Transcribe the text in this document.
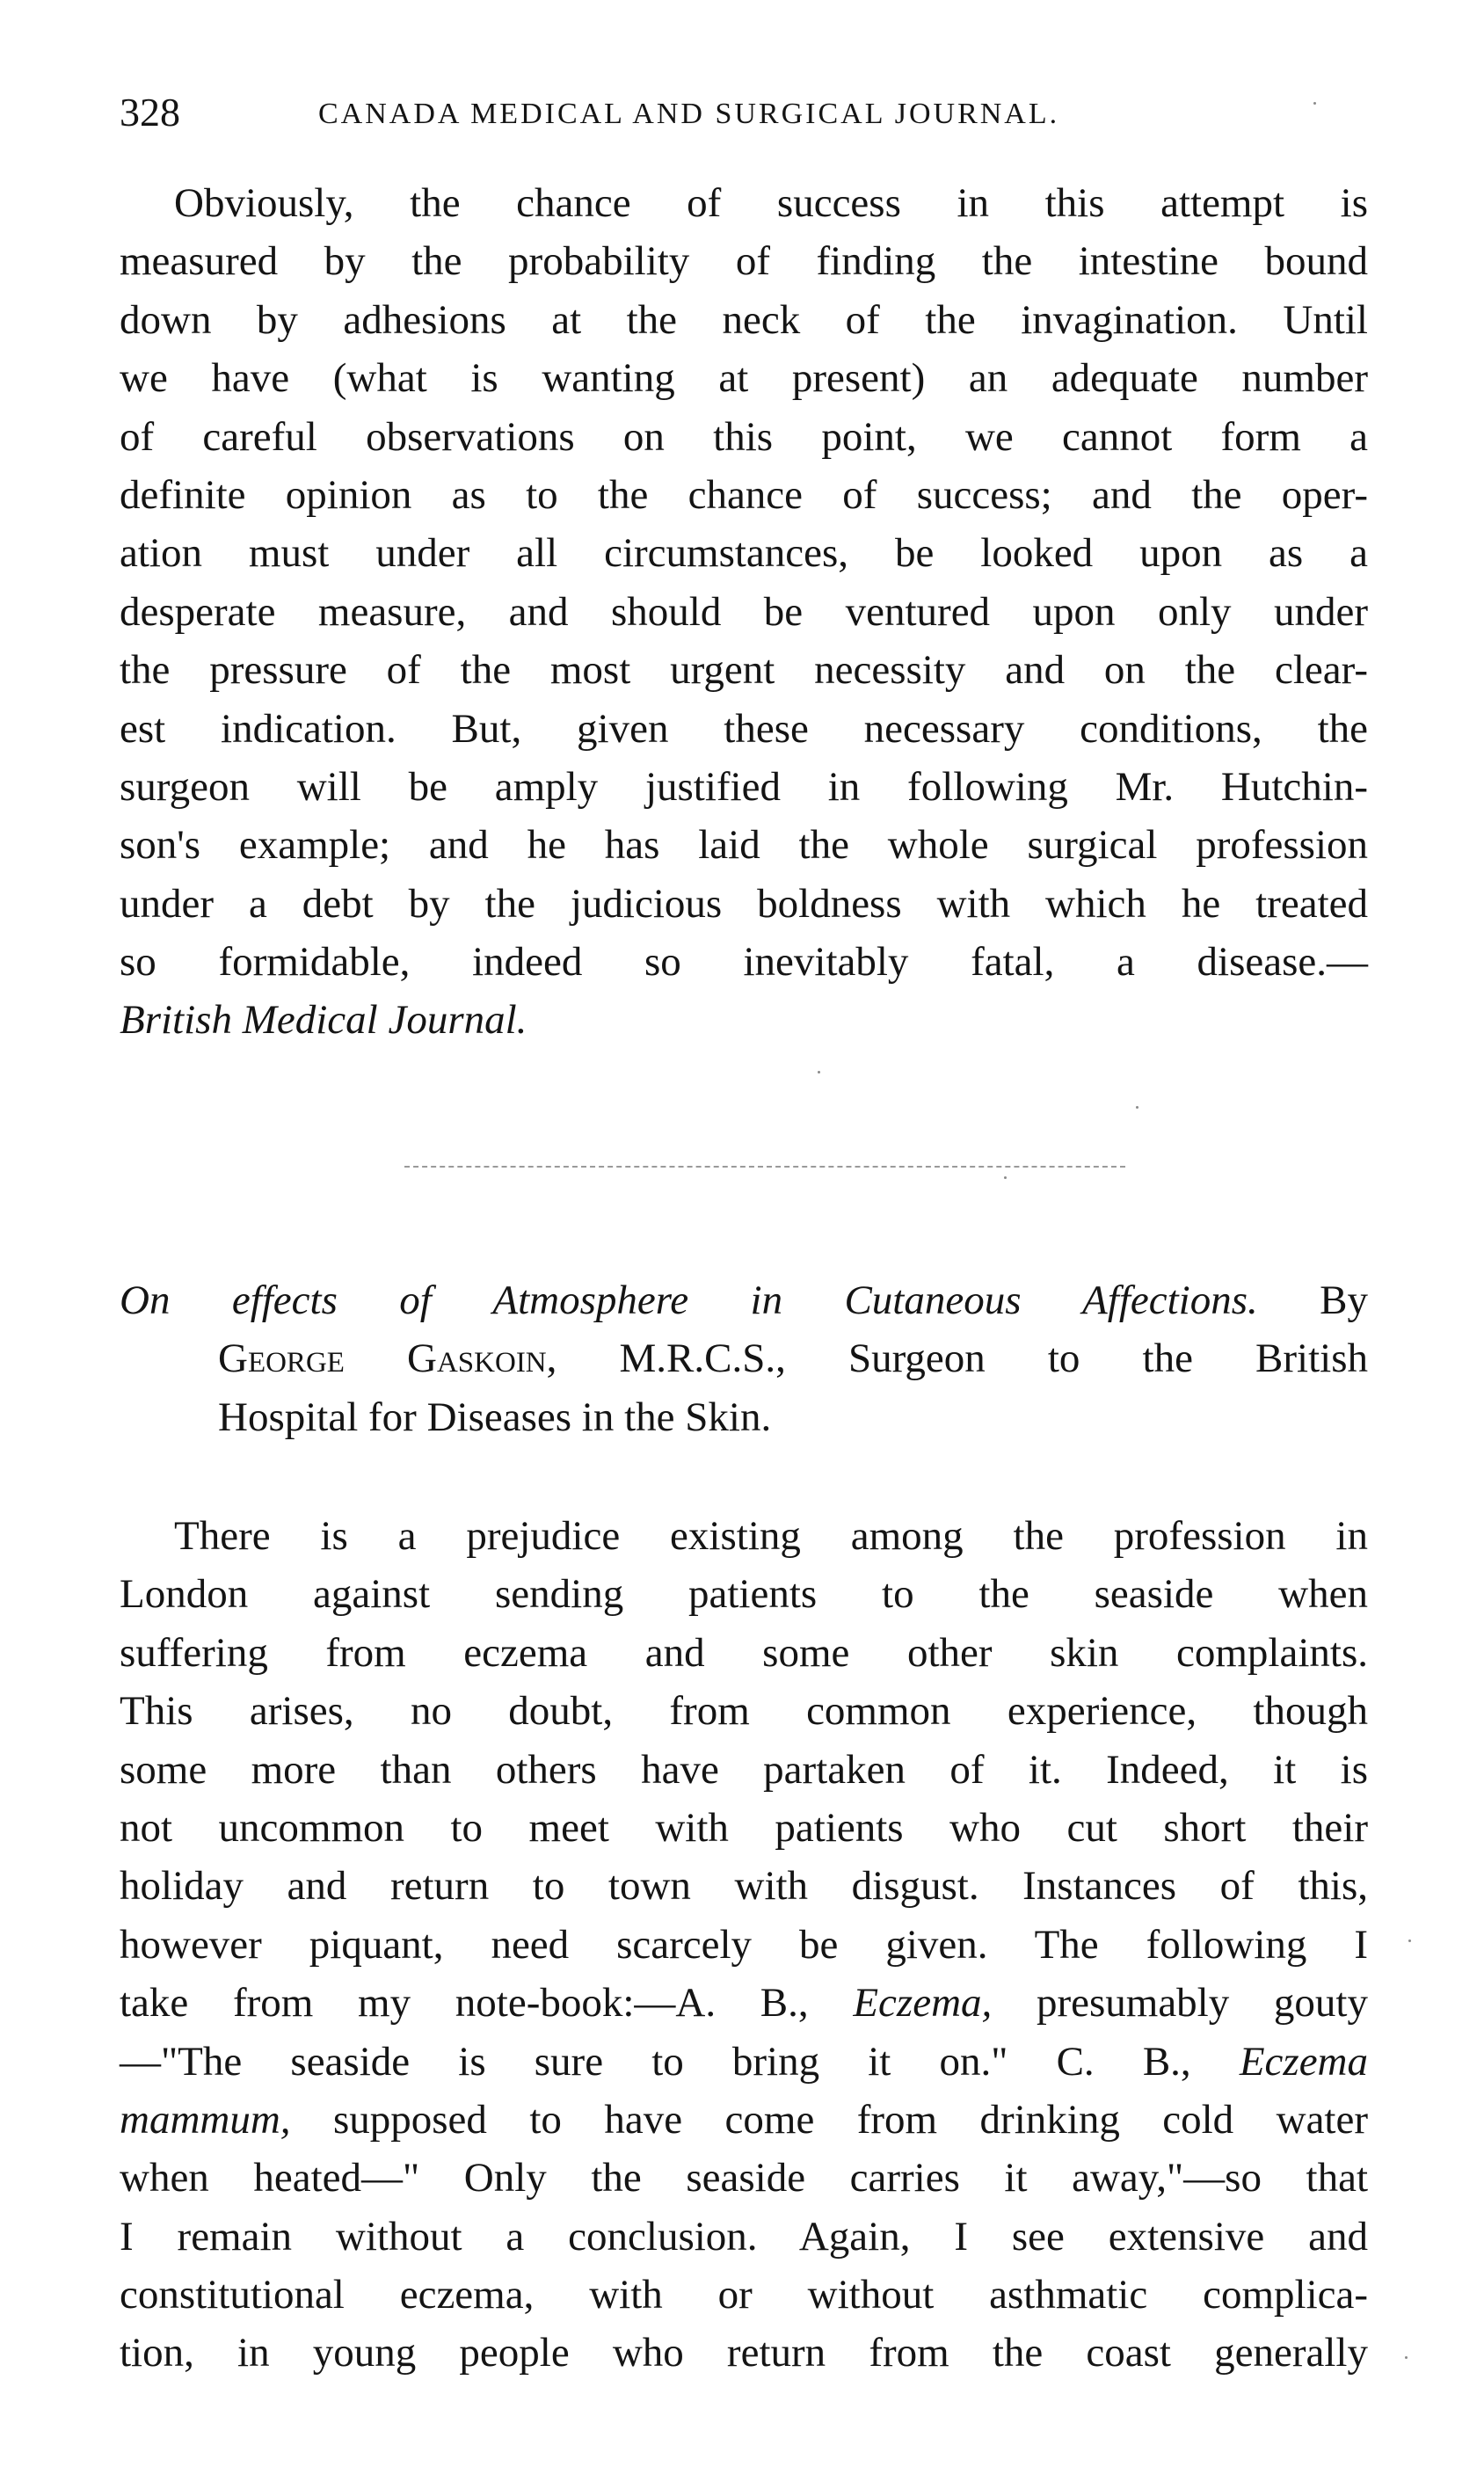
328	CANADA MEDICAL AND SURGICAL JOURNAL.
Obviously, the chance of success in this attempt is
measured by the probability of finding the intestine bound
down by adhesions at the neck of the invagination. Until
we have (what is wanting at present) an adequate number
of careful observations on this point, we cannot form a
definite opinion as to the chance of success; and the oper-
ation must under all circumstances, be looked upon as a
desperate measure, and should be ventured upon only under
the pressure of the most urgent necessity and on the clear-
est indication. But, given these necessary conditions, the
surgeon will be amply justified in following Mr. Hutchin-
son's example; and he has laid the whole surgical profession
under a debt by the judicious boldness with which he treated
so formidable, indeed so inevitably fatal, a disease.—
British Medical Journal.
On effects of Atmosphere in Cutaneous Affections. By
George Gaskoin, M.R.C.S., Surgeon to the British
Hospital for Diseases in the Skin.
There is a prejudice existing among the profession in
London against sending patients to the seaside when
suffering from eczema and some other skin complaints.
This arises, no doubt, from common experience, though
some more than others have partaken of it. Indeed, it is
not uncommon to meet with patients who cut short their
holiday and return to town with disgust. Instances of this,
however piquant, need scarcely be given. The following I
take from my note-book:—A. B., Eczema, presumably gouty
—"The seaside is sure to bring it on." C. B., Eczema
mammum, supposed to have come from drinking cold water
when heated—" Only the seaside carries it away,"—so that
I remain without a conclusion. Again, I see extensive and
constitutional eczema, with or without asthmatic complica-
tion, in young people who return from the coast generally
